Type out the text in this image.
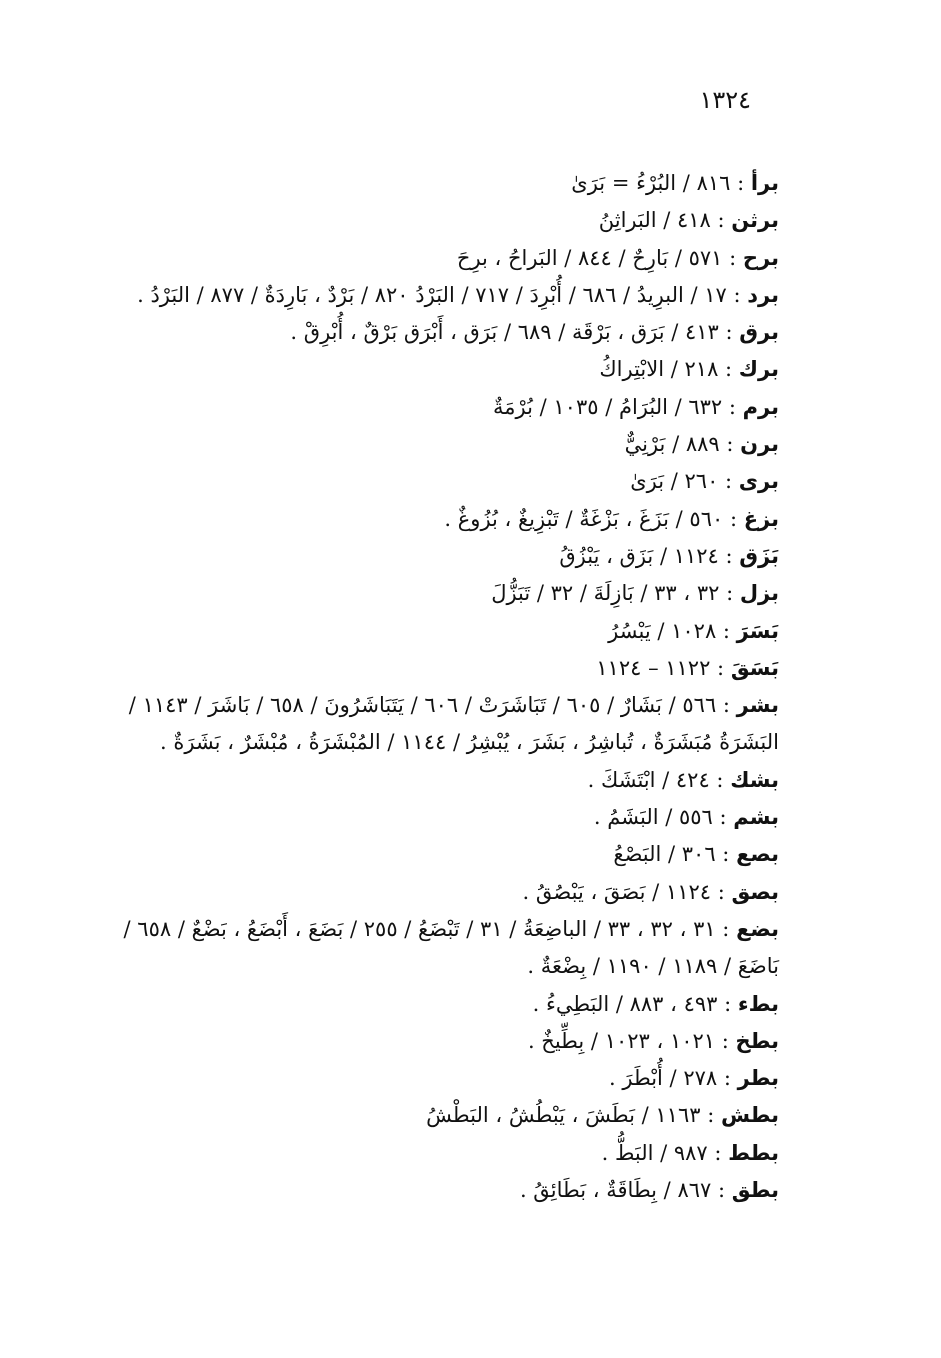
١٣٢٤
برأ : ٨١٦ / البُرْءُ = بَرَىٰ
برثن : ٤١٨ / البَراثِنُ
برح : ٥٧١ / بَارِحٌ / ٨٤٤ / البَراحُ ، برِحَ
برد : ١٧ / البرِيدُ / ٦٨٦ / أُبْرِدَ / ٧١٧ / البَرْدُ ٨٢٠ / بَرْدٌ ، بَارِدَةٌ / ٨٧٧ / البَرْدُ .
برق : ٤١٣ / بَرَق ، بَرْقَة / ٦٨٩ / بَرَق ، أَبْرَق بَرْقٌ ، أُبْرِقْ .
برك : ٢١٨ / الابْتِراكُ
برم : ٦٣٢ / البُرَامُ / ١٠٣٥ / بُرْمَةٌ
برن : ٨٨٩ / بَرْنِيٌّ
برى : ٢٦٠ / بَرَىٰ
بزغ : ٥٦٠ / بَزَغَ ، بَزْغَةٌ / تَبْزِيغٌ ، بُزُوغٌ .
بَزَق : ١١٢٤ / بَزَق ، يَبْزُقُ
بزل : ٣٢ ، ٣٣ / بَازِلَةَ / ٣٢ / تَبَزُّلَ
بَسَرَ : ١٠٢٨ / يَبْسُرُ
بَسَقَ : ١١٢٢ – ١١٢٤
بشر : ٥٦٦ / بَشَارٌ / ٦٠٥ / تَبَاشَرَتْ / ٦٠٦ / يَتَبَاشَرُونَ / ٦٥٨ / بَاشَرَ / ١١٤٣ / البَشَرَةُ مُبَشَرَةٌ ، تُباشِرُ ، بَشَرَ ، يُبْشِرُ / ١١٤٤ / المُبْشَرَةُ ، مُبْشَرٌ ، بَشَرَةٌ .
بشك : ٤٢٤ / ابْتَشَكَ .
بشم : ٥٥٦ / البَشَمُ .
بصع : ٣٠٦ / البَصْعُ
بصق : ١١٢٤ / بَصَقَ ، يَبْصُقُ .
بضع : ٣١ ، ٣٢ ، ٣٣ / الباضِعَةُ / ٣١ / تَبْضَعُ / ٢٥٥ / بَضَعَ ، أَبْضَعُ ، بَضْعٌ / ٦٥٨ / بَاضَعَ / ١١٨٩ / ١١٩٠ / بِضْعَةٌ .
بطء : ٤٩٣ ، ٨٨٣ / البَطِيءُ .
بطخ : ١٠٢١ ، ١٠٢٣ / بِطِّيخٌ .
بطر : ٢٧٨ / أُبْطَرَ .
بطش : ١١٦٣ / بَطَشَ ، يَبْطُشُ ، البَطْشُ
بطط : ٩٨٧ / البَطُّ .
بطق : ٨٦٧ / بِطَاقَةٌ ، بَطَائِقُ .
